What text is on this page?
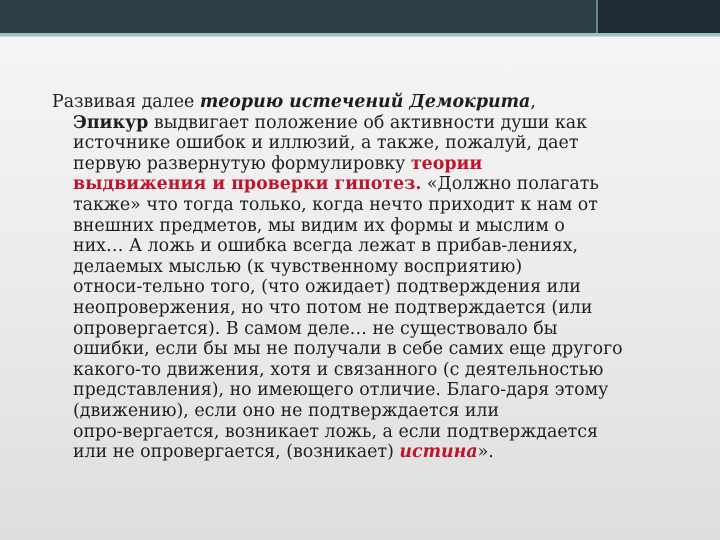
Развивая далее теорию истечений Демокрита,
Эпикур выдвигает положение об активности души как
источнике ошибок и иллюзий, а также, пожалуй, дает
первую развернутую формулировку теории
выдвижения и проверки гипотез. «Должно полагать
также» что тогда только, когда нечто приходит к нам от
внешних предметов, мы видим их формы и мыслим о
них… А ложь и ошибка всегда лежат в прибав-лениях,
делаемых мыслью (к чувственному восприятию)
относи-тельно того, (что ожидает) подтверждения или
неопровержения, но что потом не подтверждается (или
опровергается). В самом деле… не существовало бы
ошибки, если бы мы не получали в себе самих еще другого
какого-то движения, хотя и связанного (с деятельностью
представления), но имеющего отличие. Благо-даря этому
(движению), если оно не подтверждается или
опро-вергается, возникает ложь, а если подтверждается
или не опровергается, (возникает) истина».
